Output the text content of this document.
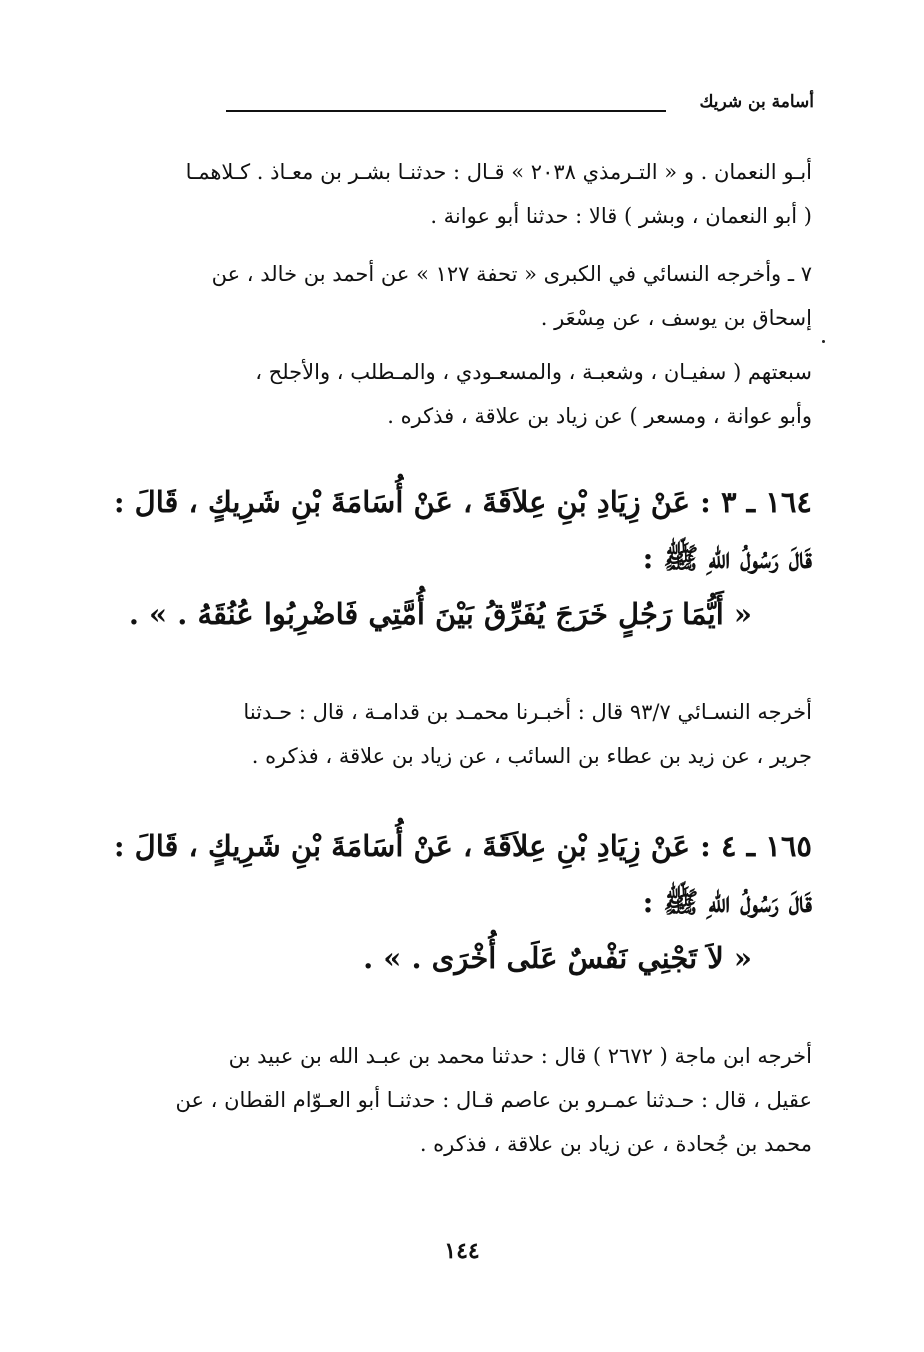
أسامة بن شريك
أبـو النعمان . و « التـرمذي ٢٠٣٨ » قـال : حدثنـا بشـر بن معـاذ . كـلاهمـا
( أبو النعمان ، وبشر ) قالا : حدثنا أبو عوانة .
٧ ـ وأخرجه النسائي في الكبرى « تحفة ١٢٧ » عن أحمد بن خالد ، عن
إسحاق بن يوسف ، عن مِسْعَر .
سبعتهم ( سفيـان ، وشعبـة ، والمسعـودي ، والمـطلب ، والأجلح ،
وأبو عوانة ، ومسعر ) عن زياد بن علاقة ، فذكره .
١٦٤ ـ ٣ : عَنْ زِيَادِ بْنِ عِلاَقَةَ ، عَنْ أُسَامَةَ بْنِ شَرِيكٍ ، قَالَ :
قَالَ رَسُولُ اللّهِ ﷺ :
« أَيُّمَا رَجُلٍ خَرَجَ يُفَرِّقُ بَيْنَ أُمَّتِي فَاضْرِبُوا عُنُقَهُ . » .
أخرجه النسـائي ٩٣/٧ قال : أخبـرنا محمـد بن قدامـة ، قال : حـدثنا
جرير ، عن زيد بن عطاء بن السائب ، عن زياد بن علاقة ، فذكره .
١٦٥ ـ ٤ : عَنْ زِيَادِ بْنِ عِلاَقَةَ ، عَنْ أُسَامَةَ بْنِ شَرِيكٍ ، قَالَ :
قَالَ رَسُولُ اللّهِ ﷺ :
« لاَ تَجْنِي نَفْسٌ عَلَى أُخْرَى . » .
أخرجه ابن ماجة ( ٢٦٧٢ ) قال : حدثنا محمد بن عبـد الله بن عبيد بن
عقيل ، قال : حـدثنا عمـرو بن عاصم قـال : حدثنـا أبو العـوّام القطان ، عن
محمد بن جُحادة ، عن زياد بن علاقة ، فذكره .
١٤٤
